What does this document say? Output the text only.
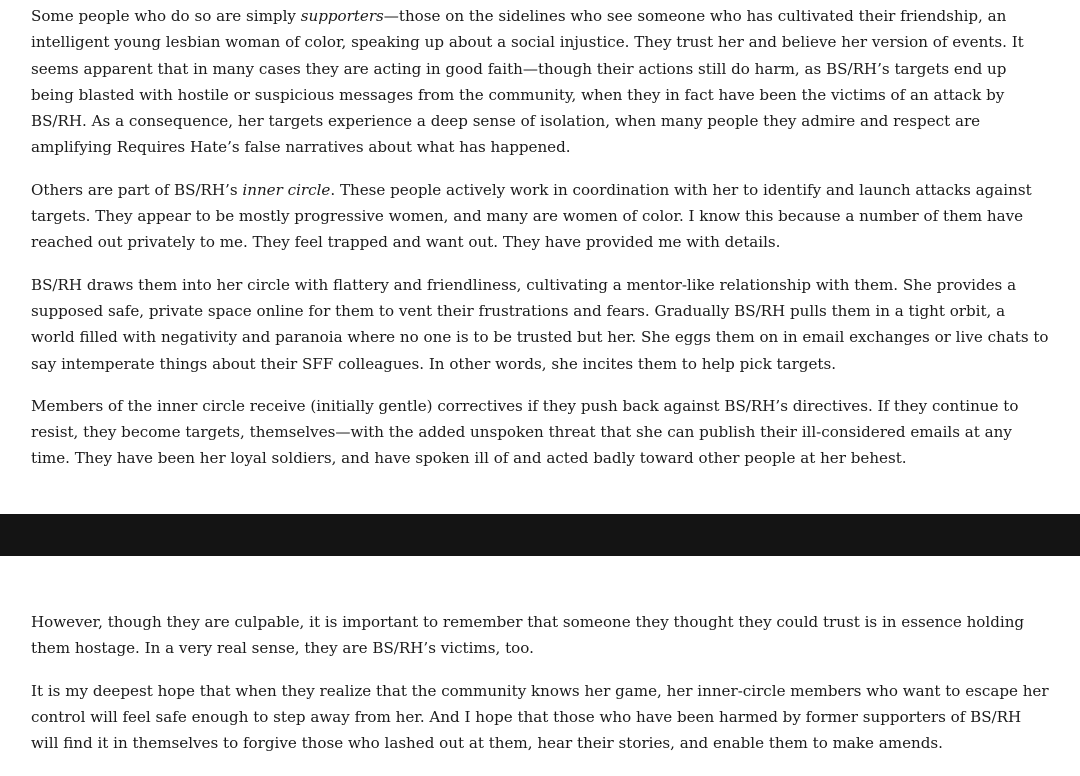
Some people who do so are simply supporters—those on the sidelines who see someone who has cultivated their friendship, an intelligent young lesbian woman of color, speaking up about a social injustice. They trust her and believe her version of events. It seems apparent that in many cases they are acting in good faith—though their actions still do harm, as BS/RH’s targets end up being blasted with hostile or suspicious messages from the community, when they in fact have been the victims of an attack by BS/RH. As a consequence, her targets experience a deep sense of isolation, when many people they admire and respect are amplifying Requires Hate’s false narratives about what has happened.

Others are part of BS/RH’s inner circle. These people actively work in coordination with her to identify and launch attacks against targets. They appear to be mostly progressive women, and many are women of color. I know this because a number of them have reached out privately to me. They feel trapped and want out. They have provided me with details.

BS/RH draws them into her circle with flattery and friendliness, cultivating a mentor-like relationship with them. She provides a supposed safe, private space online for them to vent their frustrations and fears. Gradually BS/RH pulls them in a tight orbit, a world filled with negativity and paranoia where no one is to be trusted but her. She eggs them on in email exchanges or live chats to say intemperate things about their SFF colleagues. In other words, she incites them to help pick targets.

Members of the inner circle receive (initially gentle) correctives if they push back against BS/RH’s directives. If they continue to resist, they become targets, themselves—with the added unspoken threat that she can publish their ill-considered emails at any time. They have been her loyal soldiers, and have spoken ill of and acted badly toward other people at her behest.

However, though they are culpable, it is important to remember that someone they thought they could trust is in essence holding them hostage. In a very real sense, they are BS/RH’s victims, too.

It is my deepest hope that when they realize that the community knows her game, her inner-circle members who want to escape her control will feel safe enough to step away from her. And I hope that those who have been harmed by former supporters of BS/RH will find it in themselves to forgive those who lashed out at them, hear their stories, and enable them to make amends.
